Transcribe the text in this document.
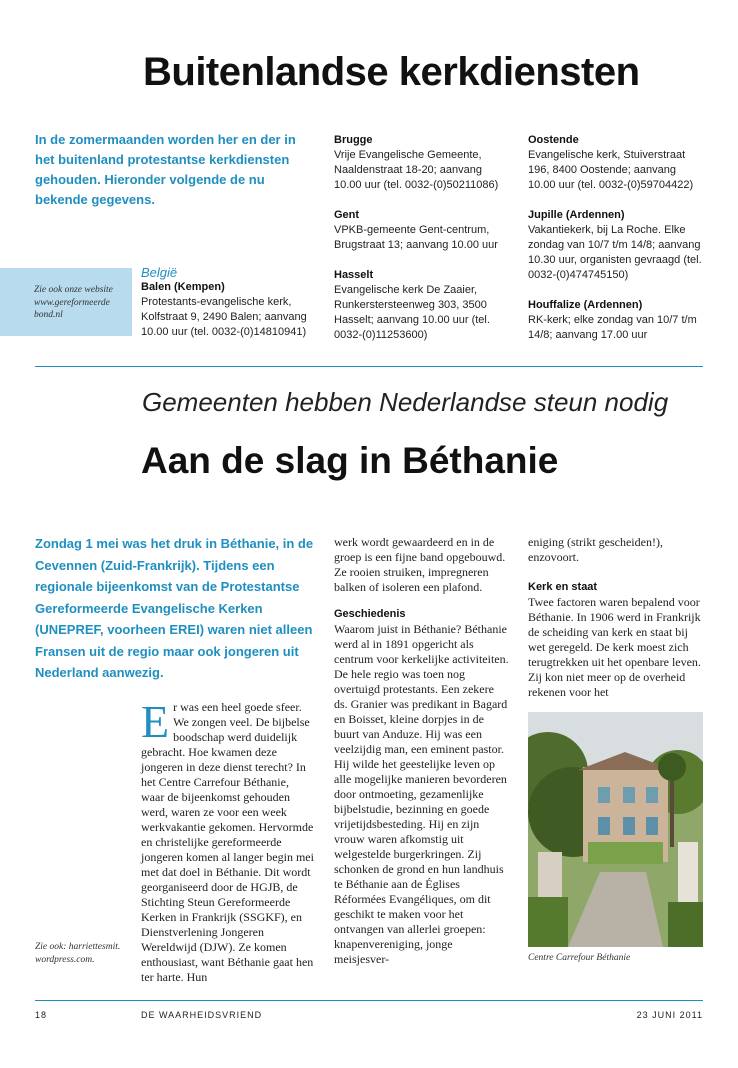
Buitenlandse kerkdiensten
In de zomermaanden worden her en der in het buitenland protestantse kerkdiensten gehouden. Hieronder volgende de nu bekende gegevens.
Zie ook onze website www.gereformeerde bond.nl
België
Balen (Kempen)
Protestants-evangelische kerk, Kolfstraat 9, 2490 Balen; aanvang 10.00 uur (tel. 0032-(0)14810941)
Brugge
Vrije Evangelische Gemeente, Naaldenstraat 18-20; aanvang 10.00 uur (tel. 0032-(0)50211086)
Gent
VPKB-gemeente Gent-centrum, Brugstraat 13; aanvang 10.00 uur
Hasselt
Evangelische kerk De Zaaier, Runkerstersteenweg 303, 3500 Hasselt; aanvang 10.00 uur (tel. 0032-(0)11253600)
Oostende
Evangelische kerk, Stuiverstraat 196, 8400 Oostende; aanvang 10.00 uur (tel. 0032-(0)59704422)
Jupille (Ardennen)
Vakantiekerk, bij La Roche. Elke zondag van 10/7 t/m 14/8; aanvang 10.30 uur, organisten gevraagd (tel. 0032-(0)474745150)
Houffalize (Ardennen)
RK-kerk; elke zondag van 10/7 t/m 14/8; aanvang 17.00 uur
Gemeenten hebben Nederlandse steun nodig
Aan de slag in Béthanie
Zondag 1 mei was het druk in Béthanie, in de Cevennen (Zuid-Frankrijk). Tijdens een regionale bijeenkomst van de Protestantse Gereformeerde Evangelische Kerken (UNEPREF, voorheen EREI) waren niet alleen Fransen uit de regio maar ook jongeren uit Nederland aanwezig.
E r was een heel goede sfeer. We zongen veel. De bijbelse boodschap werd duidelijk gebracht. Hoe kwamen deze jongeren in deze dienst terecht? In het Centre Carrefour Béthanie, waar de bijeenkomst gehouden werd, waren ze voor een week werkvakantie gekomen. Hervormde en christelijke gereformeerde jongeren komen al langer begin mei met dat doel in Béthanie. Dit wordt georganiseerd door de HGJB, de Stichting Steun Gereformeerde Kerken in Frankrijk (SSGKF), en Dienstverlening Jongeren Wereldwijd (DJW). Ze komen enthousiast, want Béthanie gaat hen ter harte. Hun
Zie ook: harriettesmit. wordpress.com.

werk wordt gewaardeerd en in de groep is een fijne band opgebouwd. Ze rooien struiken, impregneren balken of isoleren een plafond.

Geschiedenis

Waarom juist in Béthanie? Béthanie werd al in 1891 opgericht als centrum voor kerkelijke activiteiten. De hele regio was toen nog overtuigd protestants. Een zekere ds. Granier was predikant in Bagard en Boisset, kleine dorpjes in de buurt van Anduze. Hij was een veelzijdig man, een eminent pastor. Hij wilde het geestelijke leven op alle mogelijke manieren bevorderen door ontmoeting, gezamenlijke bijbelstudie, bezinning en goede vrijetijdsbesteding. Hij en zijn vrouw waren afkomstig uit welgestelde burgerkringen. Zij schonken de grond en hun landhuis te Béthanie aan de Églises Réformées Evangéliques, om dit geschikt te maken voor het ontvangen van allerlei groepen: knapenvereniging, jonge meisjesver-

eniging (strikt gescheiden!), enzovoort.

Kerk en staat

Twee factoren waren bepalend voor Béthanie. In 1906 werd in Frankrijk de scheiding van kerk en staat bij wet geregeld. De kerk moest zich terugtrekken uit het openbare leven. Zij kon niet meer op de overheid rekenen voor het

Centre Carrefour Béthanie
18	DE WAARHEIDSVRIEND	23 JUNI 2011
